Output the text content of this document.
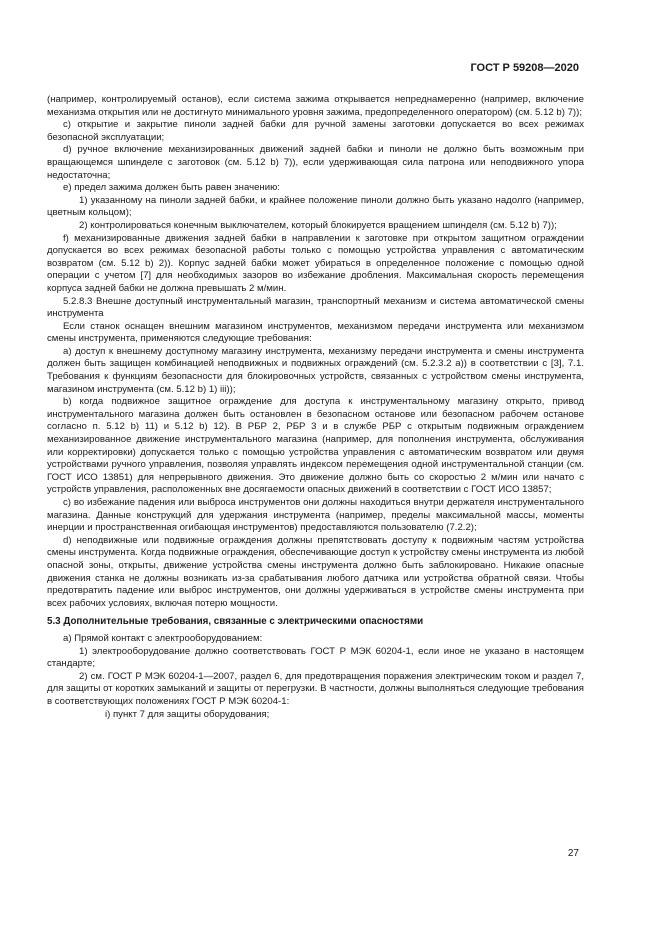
ГОСТ Р 59208—2020

(например, контролируемый останов), если система зажима открывается непреднамеренно (например, включение механизма открытия или не достигнуто минимального уровня зажима, предопределенного оператором) (см. 5.12 b) 7));

c) открытие и закрытие пиноли задней бабки для ручной замены заготовки допускается во всех режимах безопасной эксплуатации;

d) ручное включение механизированных движений задней бабки и пиноли не должно быть возможным при вращающемся шпинделе с заготовок (см. 5.12 b) 7)), если удерживающая сила патрона или неподвижного упора недостаточна;

e) предел зажима должен быть равен значению:

1) указанному на пиноли задней бабки, и крайнее положение пиноли должно быть указано надолго (например, цветным кольцом);

2) контролироваться конечным выключателем, который блокируется вращением шпинделя (см. 5.12 b) 7));

f) механизированные движения задней бабки в направлении к заготовке при открытом защитном ограждении допускается во всех режимах безопасной работы только с помощью устройства управления с автоматическим возвратом (см. 5.12 b) 2)). Корпус задней бабки может убираться в определенное положение с помощью одной операции с учетом [7] для необходимых зазоров во избежание дробления. Максимальная скорость перемещения корпуса задней бабки не должна превышать 2 м/мин.

5.2.8.3 Внешне доступный инструментальный магазин, транспортный механизм и система автоматической смены инструмента

Если станок оснащен внешним магазином инструментов, механизмом передачи инструмента или механизмом смены инструмента, применяются следующие требования:

a) доступ к внешнему доступному магазину инструмента, механизму передачи инструмента и смены инструмента должен быть защищен комбинацией неподвижных и подвижных ограждений (см. 5.2.3.2 a)) в соответствии с [3], 7.1. Требования к функциям безопасности для блокировочных устройств, связанных с устройством смены инструмента, магазином инструмента (см. 5.12 b) 1) iii));

b) когда подвижное защитное ограждение для доступа к инструментальному магазину открыто, привод инструментального магазина должен быть остановлен в безопасном останове или безопасном рабочем останове согласно п. 5.12 b) 11) и 5.12 b) 12). В РБР 2, РБР 3 и в службе РБР с открытым подвижным ограждением механизированное движение инструментального магазина (например, для пополнения инструмента, обслуживания или корректировки) допускается только с помощью устройства управления с автоматическим возвратом или двумя устройствами ручного управления, позволяя управлять индексом перемещения одной инструментальной станции (см. ГОСТ ИСО 13851) для непрерывного движения. Это движение должно быть со скоростью 2 м/мин или начато с устройств управления, расположенных вне досягаемости опасных движений в соответствии с ГОСТ ИСО 13857;

c) во избежание падения или выброса инструментов они должны находиться внутри держателя инструментального магазина. Данные конструкций для удержания инструмента (например, пределы максимальной массы, моменты инерции и пространственная огибающая инструментов) предоставляются пользователю (7.2.2);

d) неподвижные или подвижные ограждения должны препятствовать доступу к подвижным частям устройства смены инструмента. Когда подвижные ограждения, обеспечивающие доступ к устройству смены инструмента из любой опасной зоны, открыты, движение устройства смены инструмента должно быть заблокировано. Никакие опасные движения станка не должны возникать из-за срабатывания любого датчика или устройства обратной связи. Чтобы предотвратить падение или выброс инструментов, они должны удерживаться в устройстве смены инструмента при всех рабочих условиях, включая потерю мощности.

5.3 Дополнительные требования, связанные с электрическими опасностями

a) Прямой контакт с электрооборудованием:

1) электрооборудование должно соответствовать ГОСТ Р МЭК 60204-1, если иное не указано в настоящем стандарте;

2) см. ГОСТ Р МЭК 60204-1—2007, раздел 6, для предотвращения поражения электрическим током и раздел 7, для защиты от коротких замыканий и защиты от перегрузки. В частности, должны выполняться следующие требования в соответствующих положениях ГОСТ Р МЭК 60204-1:

i) пункт 7 для защиты оборудования;

27
